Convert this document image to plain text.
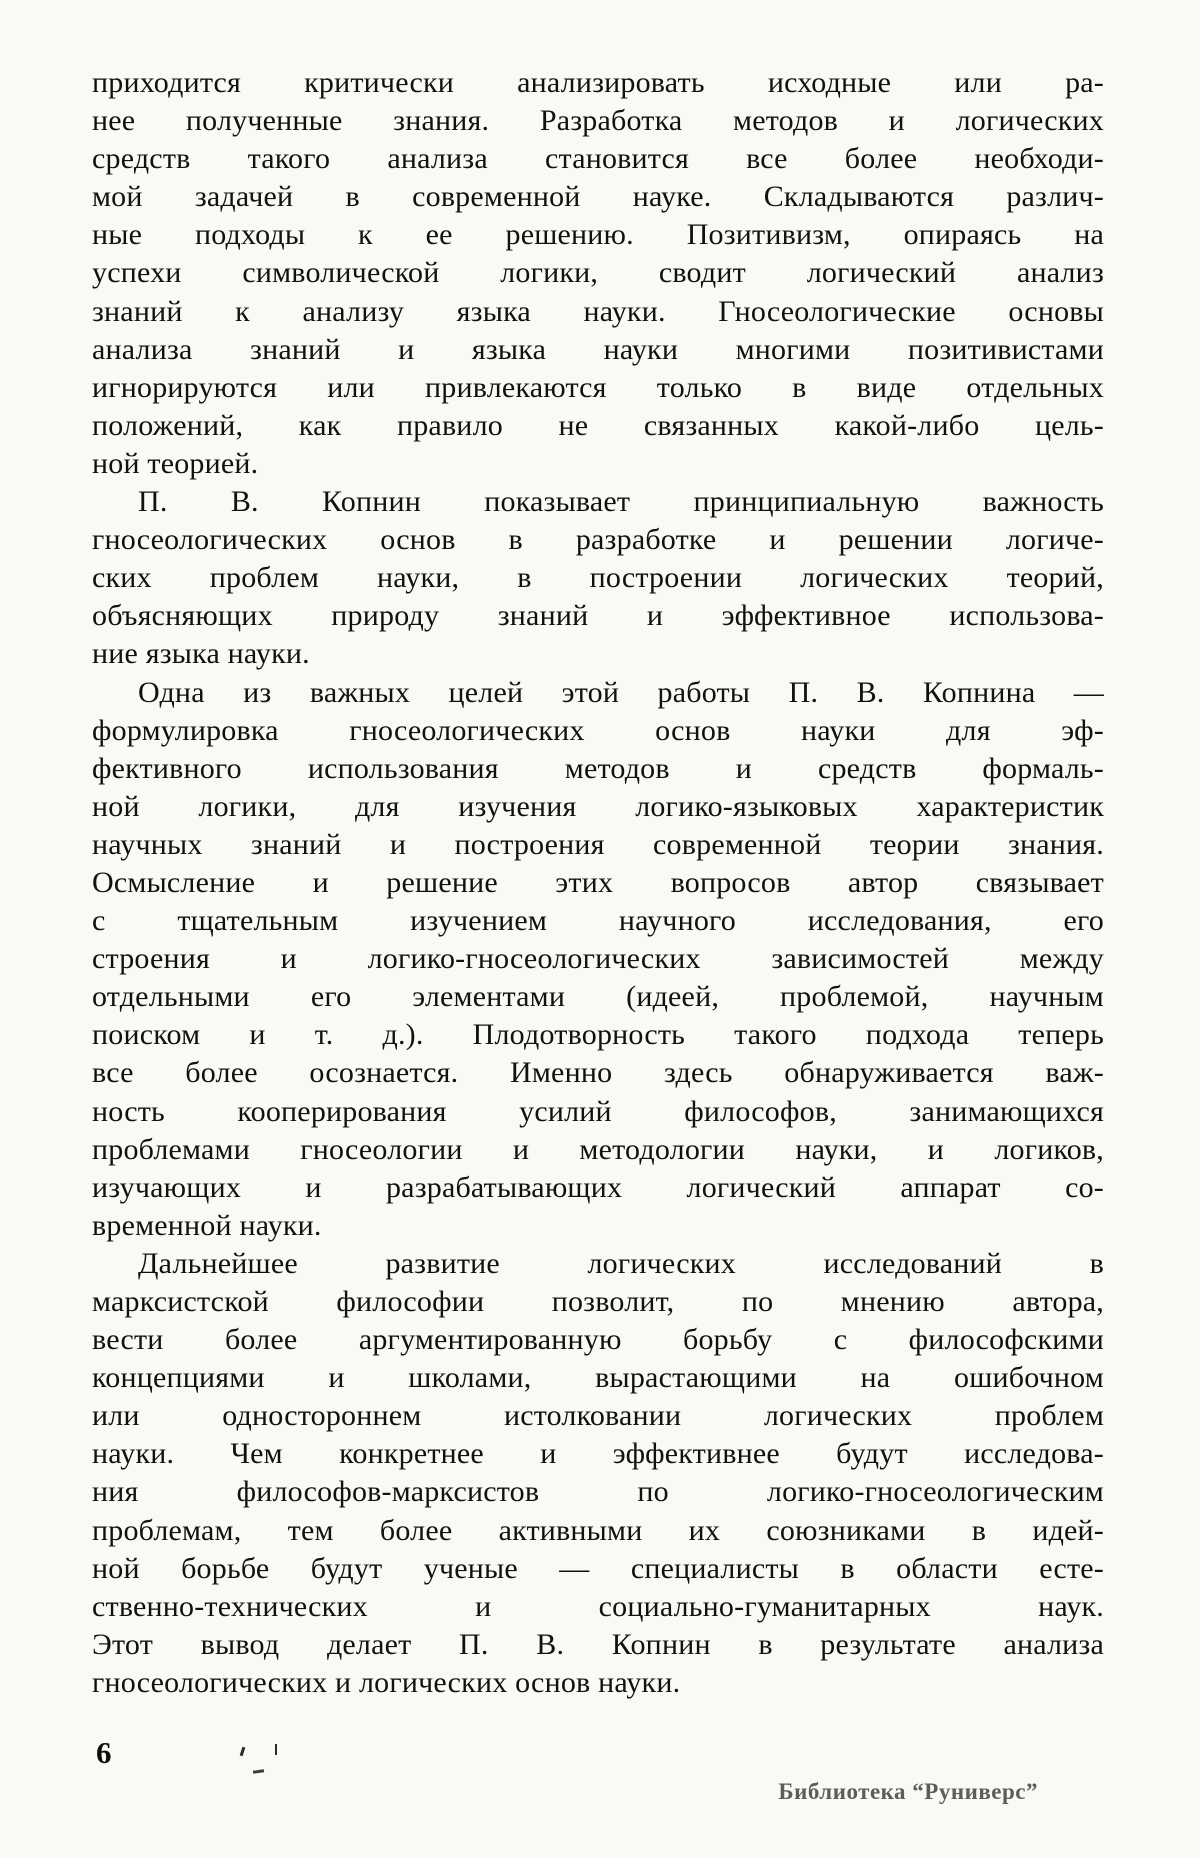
приходится критически анализировать исходные или ра-
нее полученные знания. Разработка методов и логических
средств такого анализа становится все более необходи-
мой задачей в современной науке. Складываются различ-
ные подходы к ее решению. Позитивизм, опираясь на
успехи символической логики, сводит логический анализ
знаний к анализу языка науки. Гносеологические основы
анализа знаний и языка науки многими позитивистами
игнорируются или привлекаются только в виде отдельных
положений, как правило не связанных какой-либо цель-
ной теорией.
П. В. Копнин показывает принципиальную важность
гносеологических основ в разработке и решении логиче-
ских проблем науки, в построении логических теорий,
объясняющих природу знаний и эффективное использова-
ние языка науки.
Одна из важных целей этой работы П. В. Копнина —
формулировка гносеологических основ науки для эф-
фективного использования методов и средств формаль-
ной логики, для изучения логико-языковых характеристик
научных знаний и построения современной теории знания.
Осмысление и решение этих вопросов автор связывает
с тщательным изучением научного исследования, его
строения и логико-гносеологических зависимостей между
отдельными его элементами (идеей, проблемой, научным
поиском и т. д.). Плодотворность такого подхода теперь
все более осознается. Именно здесь обнаруживается важ-
ность кооперирования усилий философов, занимающихся
проблемами гносеологии и методологии науки, и логиков,
изучающих и разрабатывающих логический аппарат со-
временной науки.
Дальнейшее развитие логических исследований в
марксистской философии позволит, по мнению автора,
вести более аргументированную борьбу с философскими
концепциями и школами, вырастающими на ошибочном
или одностороннем истолковании логических проблем
науки. Чем конкретнее и эффективнее будут исследова-
ния философов-марксистов по логико-гносеологическим
проблемам, тем более активными их союзниками в идей-
ной борьбе будут ученые — специалисты в области есте-
ственно-технических и социально-гуманитарных наук.
Этот вывод делает П. В. Копнин в результате анализа
гносеологических и логических основ науки.
6
Библиотека “Руниверс”
